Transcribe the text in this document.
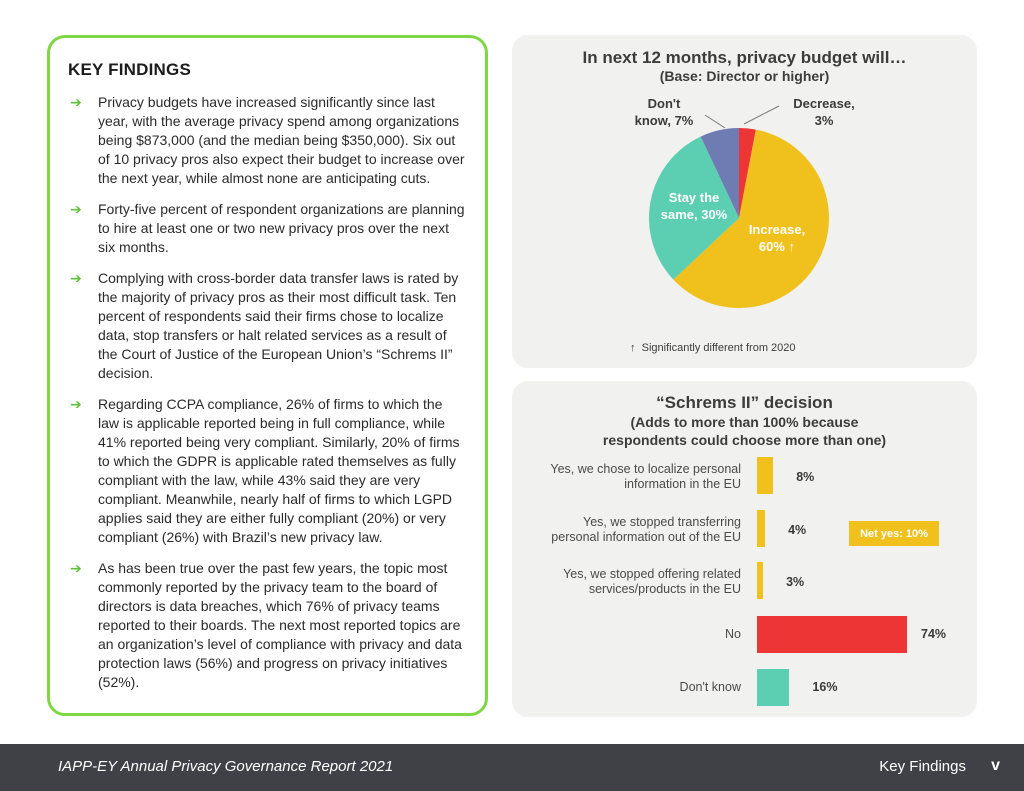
KEY FINDINGS
➔ Privacy budgets have increased significantly since last year, with the average privacy spend among organizations being $873,000 (and the median being $350,000). Six out of 10 privacy pros also expect their budget to increase over the next year, while almost none are anticipating cuts.
➔ Forty-five percent of respondent organizations are planning to hire at least one or two new privacy pros over the next six months.
➔ Complying with cross-border data transfer laws is rated by the majority of privacy pros as their most difficult task. Ten percent of respondents said their firms chose to localize data, stop transfers or halt related services as a result of the Court of Justice of the European Union’s “Schrems II” decision.
➔ Regarding CCPA compliance, 26% of firms to which the law is applicable reported being in full compliance, while 41% reported being very compliant. Similarly, 20% of firms to which the GDPR is applicable rated themselves as fully compliant with the law, while 43% said they are very compliant. Meanwhile, nearly half of firms to which LGPD applies said they are either fully compliant (20%) or very compliant (26%) with Brazil’s new privacy law.
➔ As has been true over the past few years, the topic most commonly reported by the privacy team to the board of directors is data breaches, which 76% of privacy teams reported to their boards. The next most reported topics are an organization’s level of compliance with privacy and data protection laws (56%) and progress on privacy initiatives (52%).
In next 12 months, privacy budget will…
(Base: Director or higher)
Decrease,
3%
Don't
know, 7%
Stay the
same, 30%
Increase,
60% ↑
↑ Significantly different from 2020
“Schrems II” decision
(Adds to more than 100% because
respondents could choose more than one)
Yes, we chose to localize personal
information in the EU
Yes, we stopped transferring
personal information out of the EU
Yes, we stopped offering related
services/products in the EU
No
Don't know
8%
4%
3%
74%
16%
Net yes: 10%
IAPP-EY Annual Privacy Governance Report 2021	Key Findings v
